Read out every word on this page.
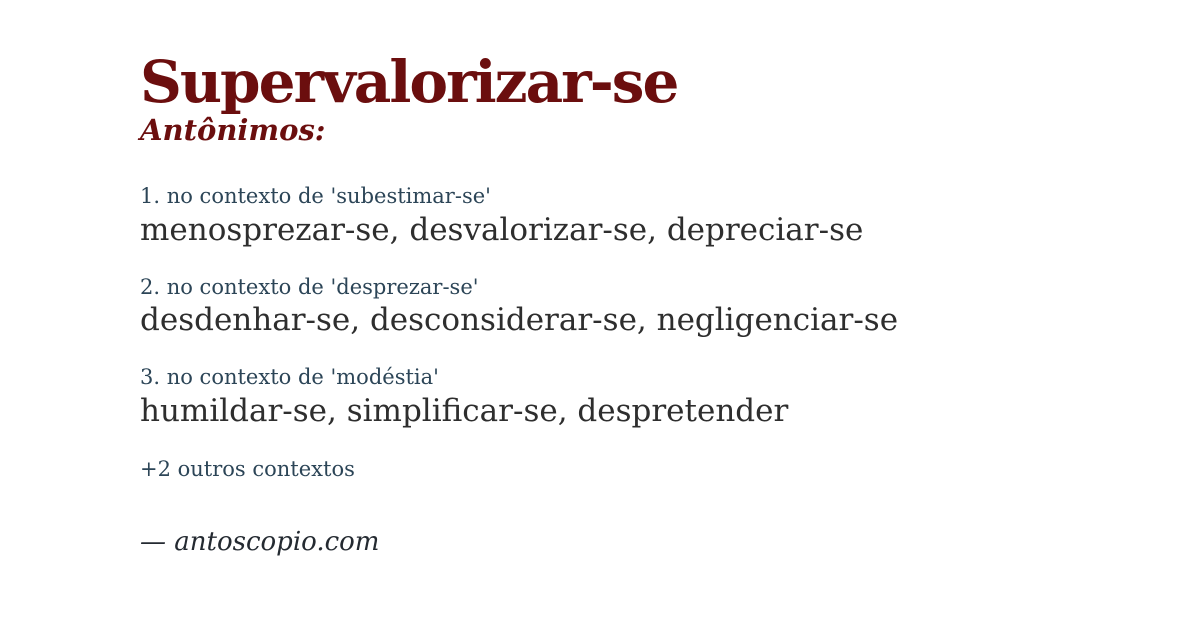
Supervalorizar-se
Antônimos:
1. no contexto de 'subestimar-se'
menosprezar-se, desvalorizar-se, depreciar-se
2. no contexto de 'desprezar-se'
desdenhar-se, desconsiderar-se, negligenciar-se
3. no contexto de 'modéstia'
humildar-se, simplificar-se, despretender
+2 outros contextos
— antoscopio.com
